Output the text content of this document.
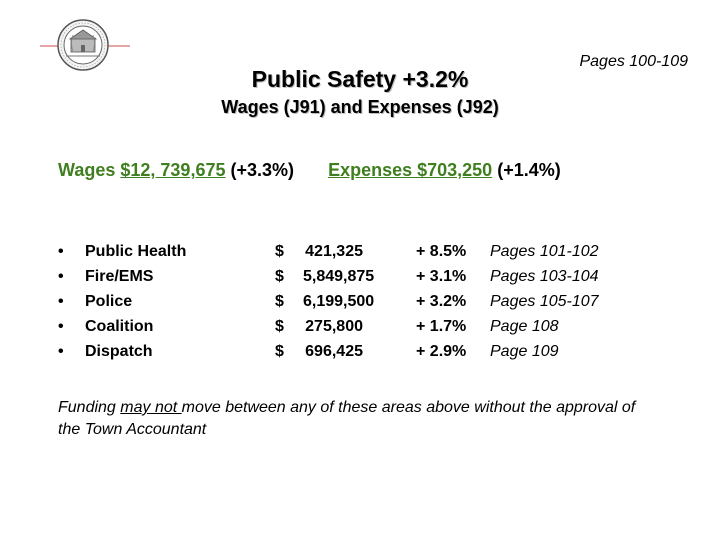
Pages 100-109
Public Safety +3.2%
Wages (J91) and Expenses (J92)
Wages $12, 739,675 (+3.3%) Expenses $703,250 (+1.4%)
• Public Health	$ 421,325	+ 8.5% Pages 101-102
• Fire/EMS	$ 5,849,875	+ 3.1% Pages 103-104
• Police	$ 6,199,500	+ 3.2% Pages 105-107
• Coalition	$ 275,800	+ 1.7% Page 108
• Dispatch	$ 696,425	+ 2.9% Page 109
Funding may not move between any of these areas above without the approval of the Town Accountant
